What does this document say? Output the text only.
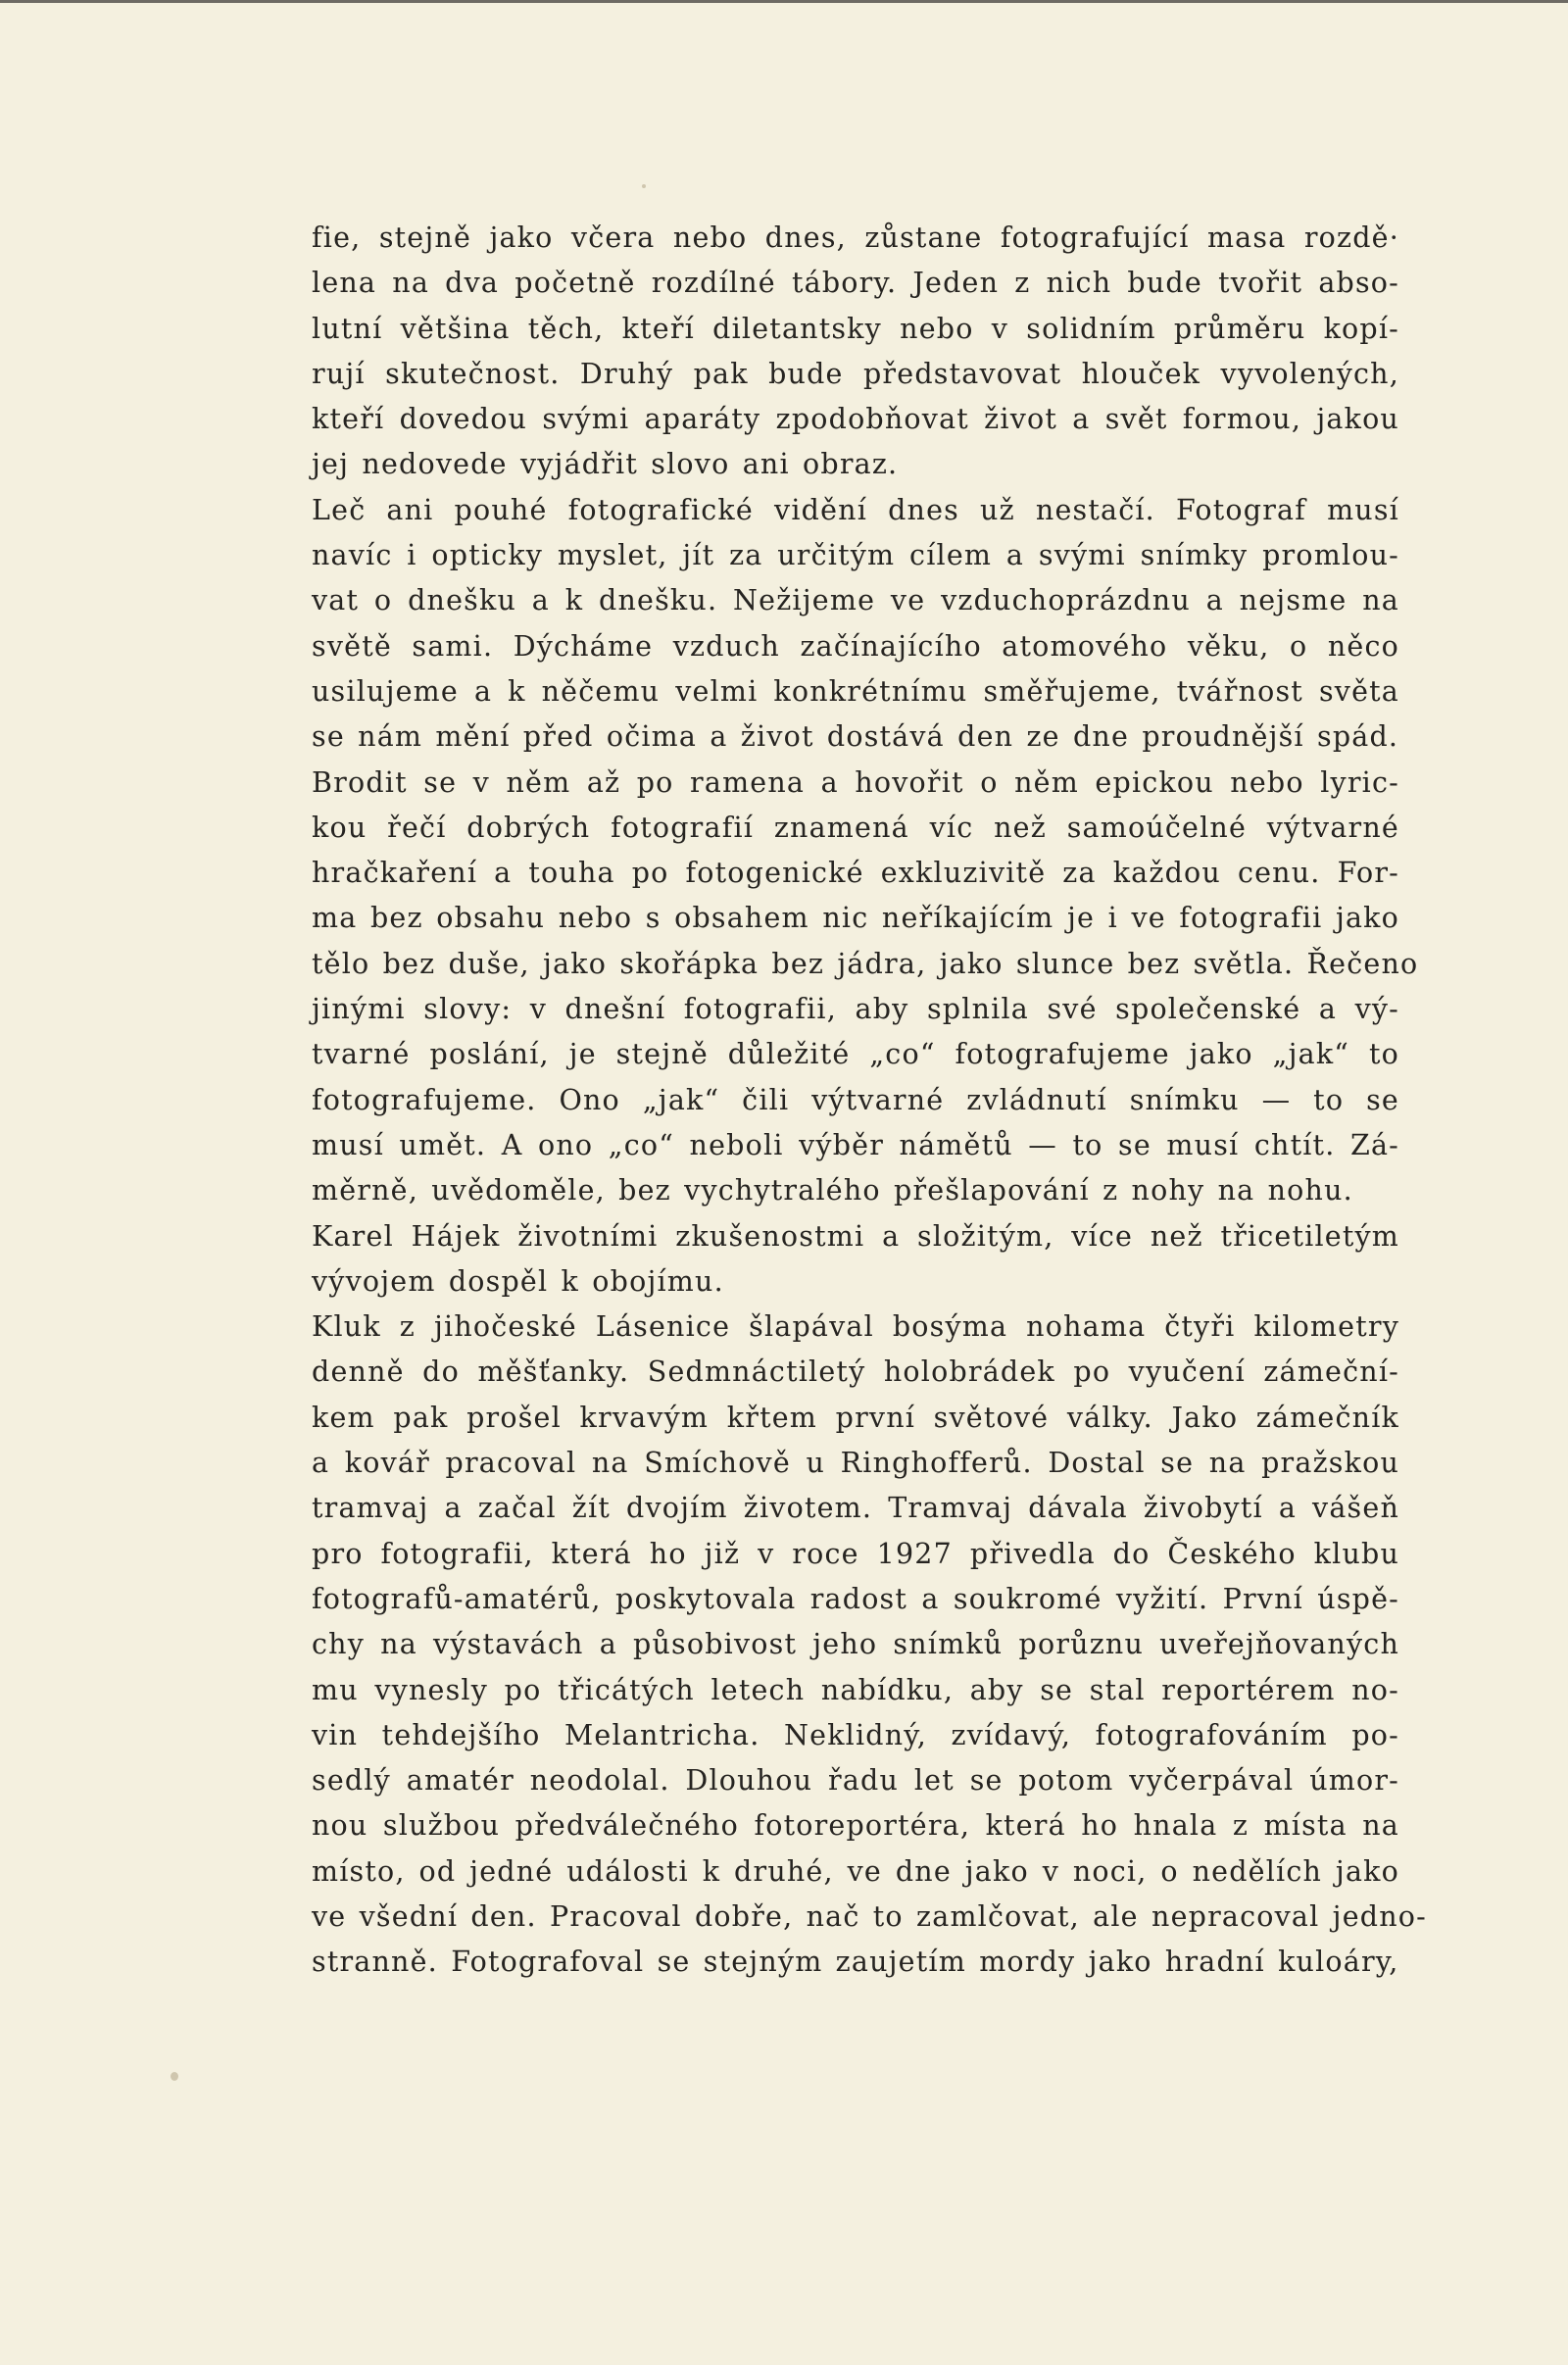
fie, stejně jako včera nebo dnes, zůstane fotografující masa rozdě·
lena na dva početně rozdílné tábory. Jeden z nich bude tvořit abso-
lutní většina těch, kteří diletantsky nebo v solidním průměru kopí-
rují skutečnost. Druhý pak bude představovat hlouček vyvolených,
kteří dovedou svými aparáty zpodobňovat život a svět formou, jakou
jej nedovede vyjádřit slovo ani obraz.
Leč ani pouhé fotografické vidění dnes už nestačí. Fotograf musí
navíc i opticky myslet, jít za určitým cílem a svými snímky promlou-
vat o dnešku a k dnešku. Nežijeme ve vzduchoprázdnu a nejsme na
světě sami. Dýcháme vzduch začínajícího atomového věku, o něco
usilujeme a k něčemu velmi konkrétnímu směřujeme, tvářnost světa
se nám mění před očima a život dostává den ze dne proudnější spád.
Brodit se v něm až po ramena a hovořit o něm epickou nebo lyric-
kou řečí dobrých fotografií znamená víc než samoúčelné výtvarné
hračkaření a touha po fotogenické exkluzivitě za každou cenu. For-
ma bez obsahu nebo s obsahem nic neříkajícím je i ve fotografii jako
tělo bez duše, jako skořápka bez jádra, jako slunce bez světla. Řečeno
jinými slovy: v dnešní fotografii, aby splnila své společenské a vý-
tvarné poslání, je stejně důležité „co“ fotografujeme jako „jak“ to
fotografujeme. Ono „jak“ čili výtvarné zvládnutí snímku — to se
musí umět. A ono „co“ neboli výběr námětů — to se musí chtít. Zá-
měrně, uvědoměle, bez vychytralého přešlapování z nohy na nohu.
Karel Hájek životními zkušenostmi a složitým, více než třicetiletým
vývojem dospěl k obojímu.
Kluk z jihočeské Lásenice šlapával bosýma nohama čtyři kilometry
denně do měšťanky. Sedmnáctiletý holobrádek po vyučení zámeční-
kem pak prošel krvavým křtem první světové války. Jako zámečník
a kovář pracoval na Smíchově u Ringhofferů. Dostal se na pražskou
tramvaj a začal žít dvojím životem. Tramvaj dávala živobytí a vášeň
pro fotografii, která ho již v roce 1927 přivedla do Českého klubu
fotografů-amatérů, poskytovala radost a soukromé vyžití. První úspě-
chy na výstavách a působivost jeho snímků porůznu uveřejňovaných
mu vynesly po třicátých letech nabídku, aby se stal reportérem no-
vin tehdejšího Melantricha. Neklidný, zvídavý, fotografováním po-
sedlý amatér neodolal. Dlouhou řadu let se potom vyčerpával úmor-
nou službou předválečného fotoreportéra, která ho hnala z místa na
místo, od jedné události k druhé, ve dne jako v noci, o nedělích jako
ve všední den. Pracoval dobře, nač to zamlčovat, ale nepracoval jedno-
stranně. Fotografoval se stejným zaujetím mordy jako hradní kuloáry,
